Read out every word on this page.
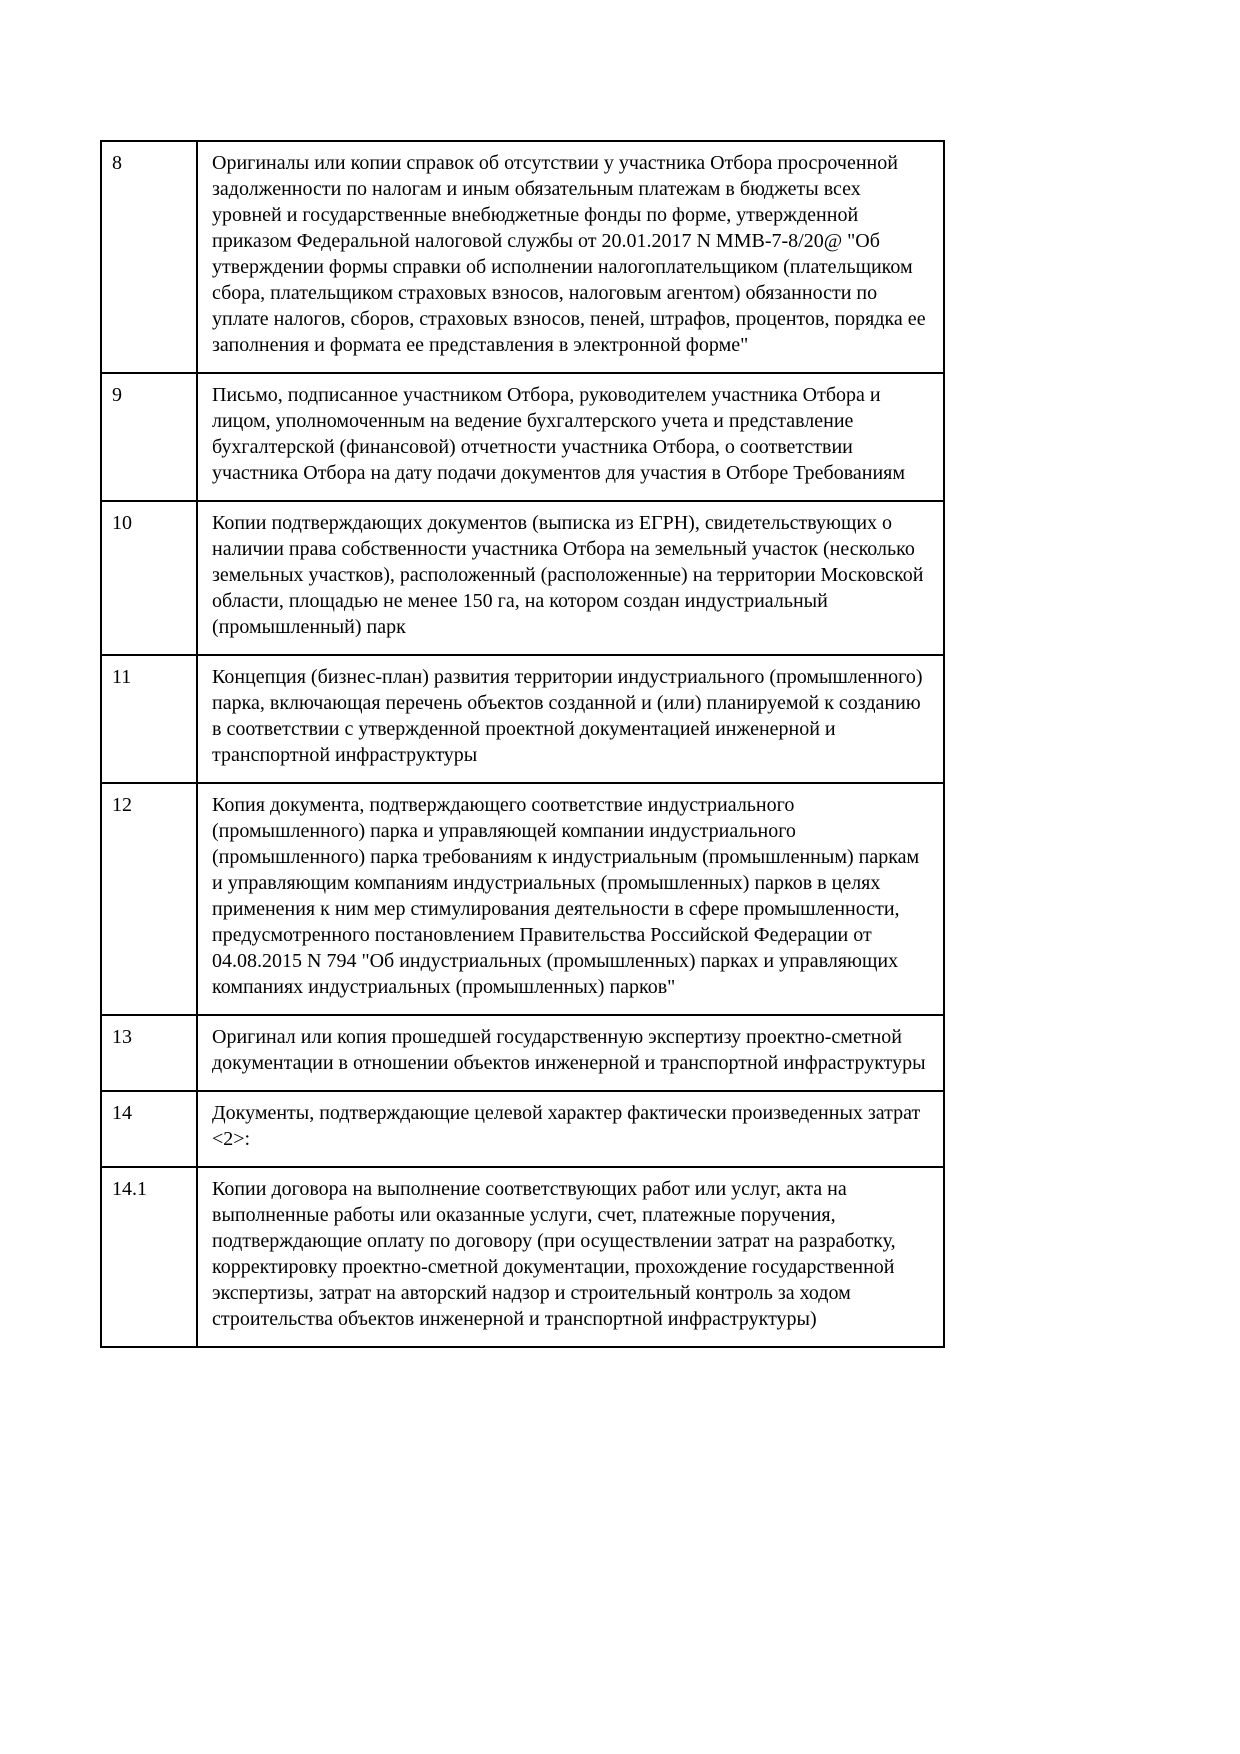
8	Оригиналы или копии справок об отсутствии у участника Отбора просроченной задолженности по налогам и иным обязательным платежам в бюджеты всех уровней и государственные внебюджетные фонды по форме, утвержденной приказом Федеральной налоговой службы от 20.01.2017 N ММВ-7-8/20@ "Об утверждении формы справки об исполнении налогоплательщиком (плательщиком сбора, плательщиком страховых взносов, налоговым агентом) обязанности по уплате налогов, сборов, страховых взносов, пеней, штрафов, процентов, порядка ее заполнения и формата ее представления в электронной форме"
9	Письмо, подписанное участником Отбора, руководителем участника Отбора и лицом, уполномоченным на ведение бухгалтерского учета и представление бухгалтерской (финансовой) отчетности участника Отбора, о соответствии участника Отбора на дату подачи документов для участия в Отборе Требованиям
10	Копии подтверждающих документов (выписка из ЕГРН), свидетельствующих о наличии права собственности участника Отбора на земельный участок (несколько земельных участков), расположенный (расположенные) на территории Московской области, площадью не менее 150 га, на котором создан индустриальный (промышленный) парк
11	Концепция (бизнес-план) развития территории индустриального (промышленного) парка, включающая перечень объектов созданной и (или) планируемой к созданию в соответствии с утвержденной проектной документацией инженерной и транспортной инфраструктуры
12	Копия документа, подтверждающего соответствие индустриального (промышленного) парка и управляющей компании индустриального (промышленного) парка требованиям к индустриальным (промышленным) паркам и управляющим компаниям индустриальных (промышленных) парков в целях применения к ним мер стимулирования деятельности в сфере промышленности, предусмотренного постановлением Правительства Российской Федерации от 04.08.2015 N 794 "Об индустриальных (промышленных) парках и управляющих компаниях индустриальных (промышленных) парков"
13	Оригинал или копия прошедшей государственную экспертизу проектно-сметной документации в отношении объектов инженерной и транспортной инфраструктуры
14	Документы, подтверждающие целевой характер фактически произведенных затрат <2>:
14.1	Копии договора на выполнение соответствующих работ или услуг, акта на выполненные работы или оказанные услуги, счет, платежные поручения, подтверждающие оплату по договору (при осуществлении затрат на разработку, корректировку проектно-сметной документации, прохождение государственной экспертизы, затрат на авторский надзор и строительный контроль за ходом строительства объектов инженерной и транспортной инфраструктуры)
